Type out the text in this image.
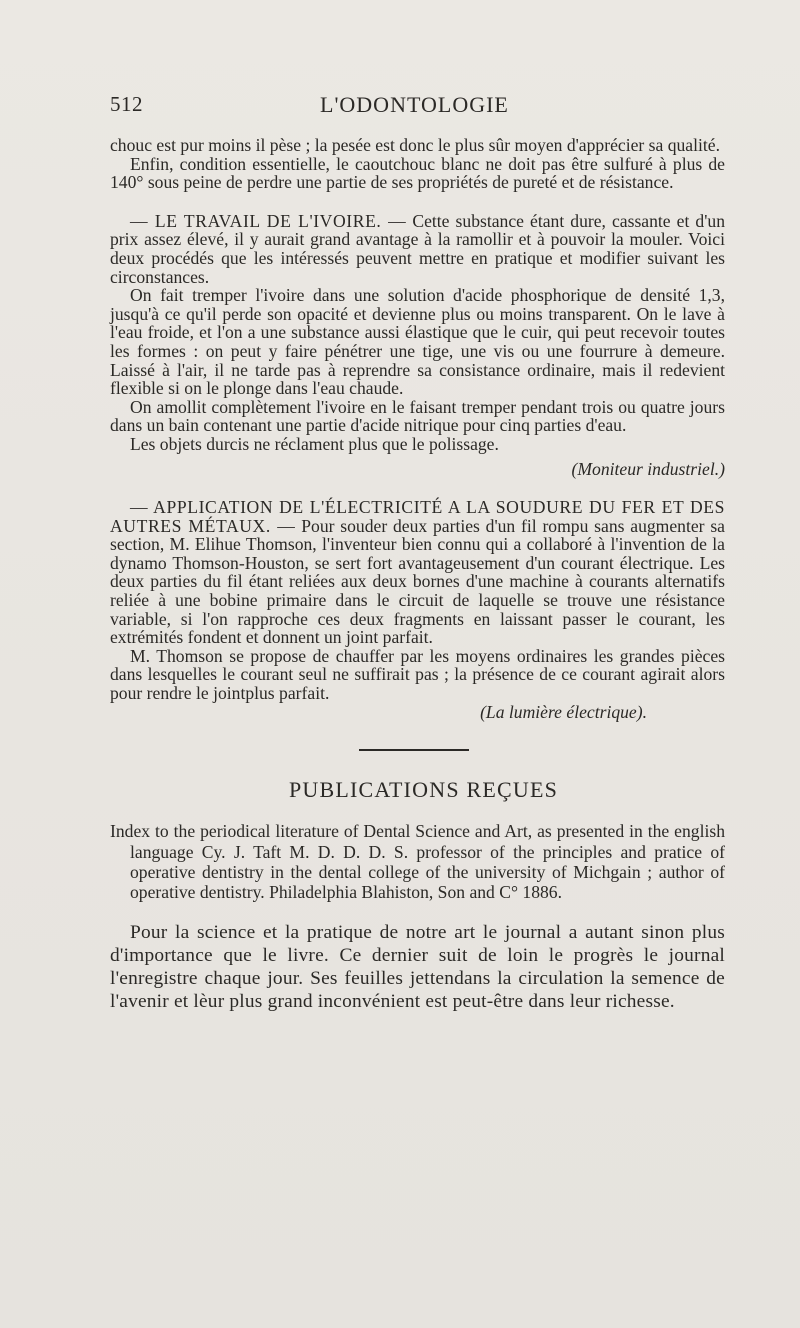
512	L'ODONTOLOGIE

chouc est pur moins il pèse ; la pesée est donc le plus sûr moyen d'apprécier sa qualité.

Enfin, condition essentielle, le caoutchouc blanc ne doit pas être sulfuré à plus de 140° sous peine de perdre une partie de ses propriétés de pureté et de résistance.

— LE TRAVAIL DE L'IVOIRE. — Cette substance étant dure, cassante et d'un prix assez élevé, il y aurait grand avantage à la ramollir et à pouvoir la mouler. Voici deux procédés que les intéressés peuvent mettre en pratique et modifier suivant les circonstances.

On fait tremper l'ivoire dans une solution d'acide phosphorique de densité 1,3, jusqu'à ce qu'il perde son opacité et devienne plus ou moins transparent. On le lave à l'eau froide, et l'on a une substance aussi élastique que le cuir, qui peut recevoir toutes les formes : on peut y faire pénétrer une tige, une vis ou une fourrure à demeure. Laissé à l'air, il ne tarde pas à reprendre sa consistance ordinaire, mais il redevient flexible si on le plonge dans l'eau chaude.

On amollit complètement l'ivoire en le faisant tremper pendant trois ou quatre jours dans un bain contenant une partie d'acide nitrique pour cinq parties d'eau.

Les objets durcis ne réclament plus que le polissage.

(Moniteur industriel.)

— APPLICATION DE L'ÉLECTRICITÉ A LA SOUDURE DU FER ET DES AUTRES MÉTAUX. — Pour souder deux parties d'un fil rompu sans augmenter sa section, M. Elihue Thomson, l'inventeur bien connu qui a collaboré à l'invention de la dynamo Thomson-Houston, se sert fort avantageusement d'un courant électrique. Les deux parties du fil étant reliées aux deux bornes d'une machine à courants alternatifs reliée à une bobine primaire dans le circuit de laquelle se trouve une résistance variable, si l'on rapproche ces deux fragments en laissant passer le courant, les extrémités fondent et donnent un joint parfait.

M. Thomson se propose de chauffer par les moyens ordinaires les grandes pièces dans lesquelles le courant seul ne suffirait pas ; la présence de ce courant agirait alors pour rendre le jointplus parfait.

(La lumière électrique).
PUBLICATIONS REÇUES

Index to the periodical literature of Dental Science and Art, as presented in the english language Cy. J. Taft M. D. D. D. S. professor of the principles and pratice of operative dentistry in the dental college of the university of Michgain ; author of operative dentistry. Philadelphia Blahiston, Son and C° 1886.

Pour la science et la pratique de notre art le journal a autant sinon plus d'importance que le livre. Ce dernier suit de loin le progrès le journal l'enregistre chaque jour. Ses feuilles jettendans la circulation la semence de l'avenir et lèur plus grand inconvénient est peut-être dans leur richesse.
